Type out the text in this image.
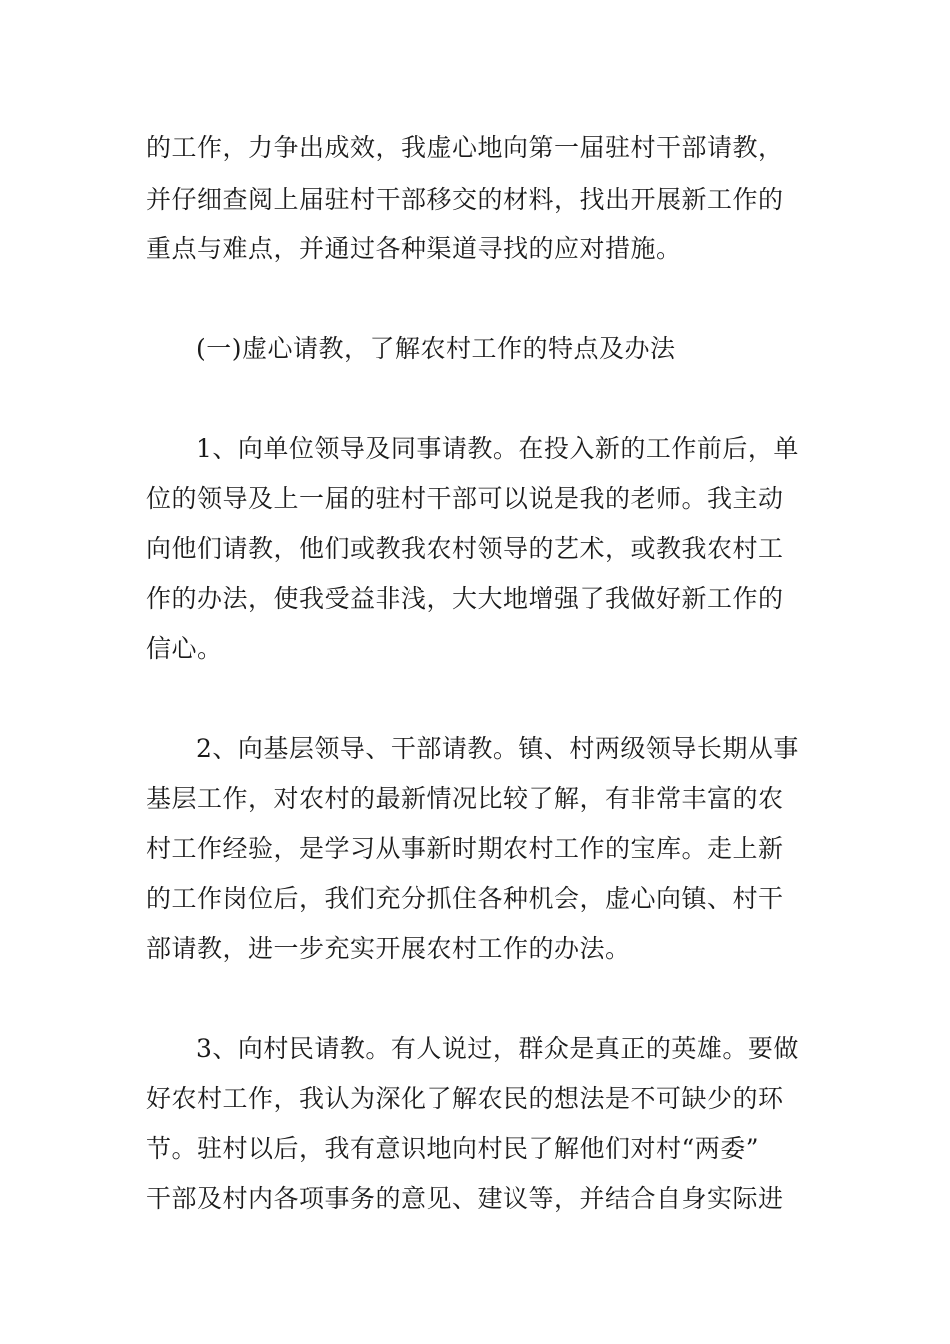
的工作，力争出成效，我虚心地向第一届驻村干部请教，
并仔细查阅上届驻村干部移交的材料，找出开展新工作的
重点与难点，并通过各种渠道寻找的应对措施。
(一)虚心请教，了解农村工作的特点及办法
1、向单位领导及同事请教。在投入新的工作前后，单
位的领导及上一届的驻村干部可以说是我的老师。我主动
向他们请教，他们或教我农村领导的艺术，或教我农村工
作的办法，使我受益非浅，大大地增强了我做好新工作的
信心。
2、向基层领导、干部请教。镇、村两级领导长期从事
基层工作，对农村的最新情况比较了解，有非常丰富的农
村工作经验，是学习从事新时期农村工作的宝库。走上新
的工作岗位后，我们充分抓住各种机会，虚心向镇、村干
部请教，进一步充实开展农村工作的办法。
3、向村民请教。有人说过，群众是真正的英雄。要做
好农村工作，我认为深化了解农民的想法是不可缺少的环
节。驻村以后，我有意识地向村民了解他们对村“两委”
干部及村内各项事务的意见、建议等，并结合自身实际进
